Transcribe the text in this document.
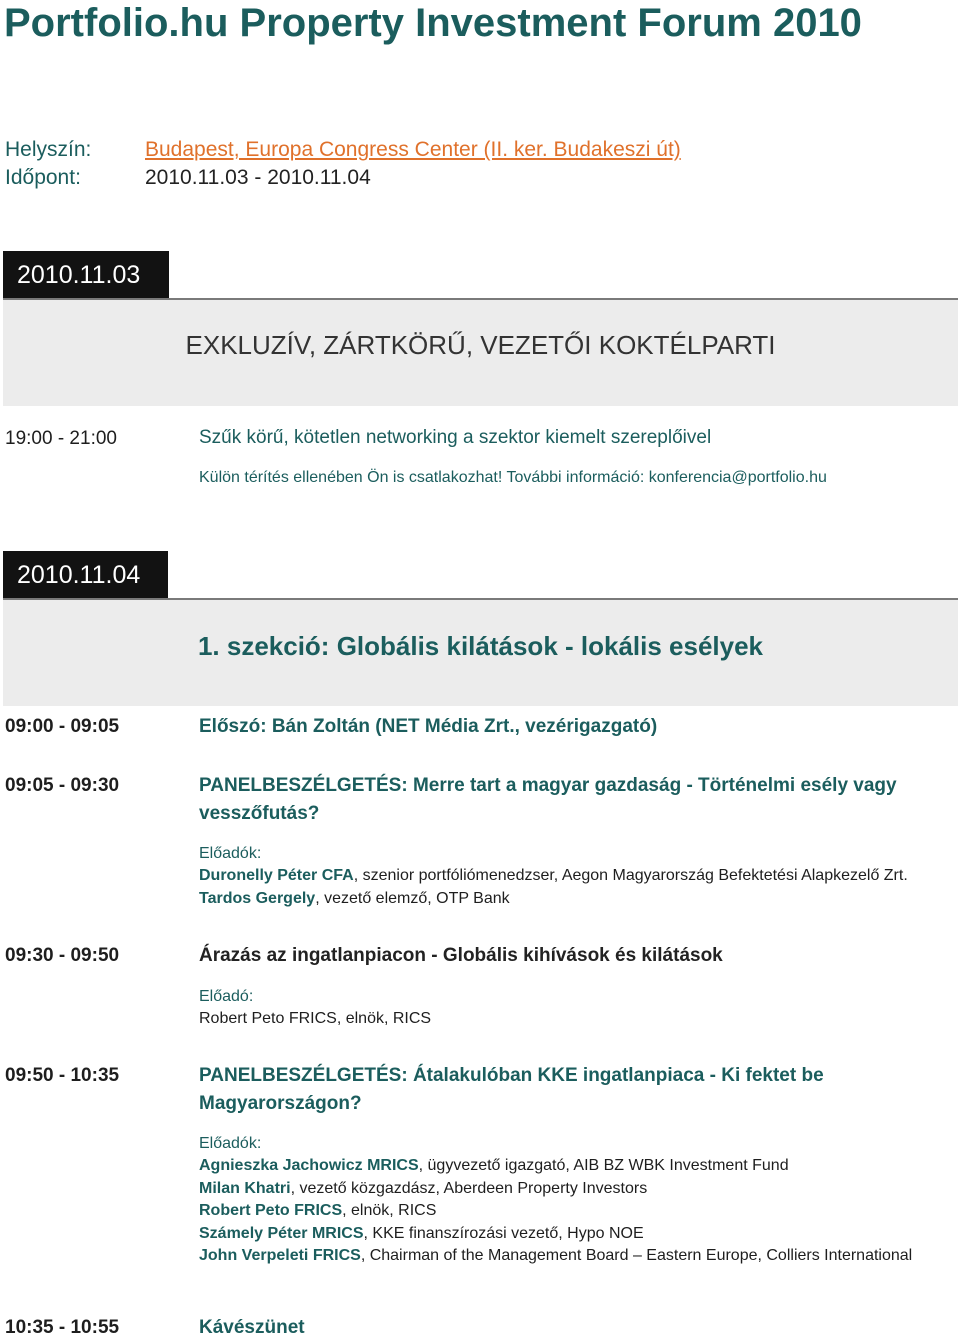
Portfolio.hu Property Investment Forum 2010
Helyszín:	Budapest, Europa Congress Center (II. ker. Budakeszi út)
Időpont:	2010.11.03 - 2010.11.04
2010.11.03
EXKLUZÍV, ZÁRTKÖRŰ, VEZETŐI KOKTÉLPARTI
19:00 - 21:00	Szűk körű, kötetlen networking a szektor kiemelt szereplőivel
Külön térítés ellenében Ön is csatlakozhat! További információ: konferencia@portfolio.hu
2010.11.04
1. szekció: Globális kilátások - lokális esélyek
09:00 - 09:05	Előszó: Bán Zoltán (NET Média Zrt., vezérigazgató)
09:05 - 09:30	PANELBESZÉLGETÉS: Merre tart a magyar gazdaság - Történelmi esély vagy vesszőfutás?
Előadók:
Duronelly Péter CFA, szenior portfóliómenedzser, Aegon Magyarország Befektetési Alapkezelő Zrt.
Tardos Gergely, vezető elemző, OTP Bank
09:30 - 09:50	Árazás az ingatlanpiacon - Globális kihívások és kilátások
Előadó:
Robert Peto FRICS, elnök, RICS
09:50 - 10:35	PANELBESZÉLGETÉS: Átalakulóban KKE ingatlanpiaca - Ki fektet be Magyarországon?
Előadók:
Agnieszka Jachowicz MRICS, ügyvezető igazgató, AIB BZ WBK Investment Fund
Milan Khatri, vezető közgazdász, Aberdeen Property Investors
Robert Peto FRICS, elnök, RICS
Számely Péter MRICS, KKE finanszírozási vezető, Hypo NOE
John Verpeleti FRICS, Chairman of the Management Board – Eastern Europe, Colliers International
10:35 - 10:55	Kávészünet
